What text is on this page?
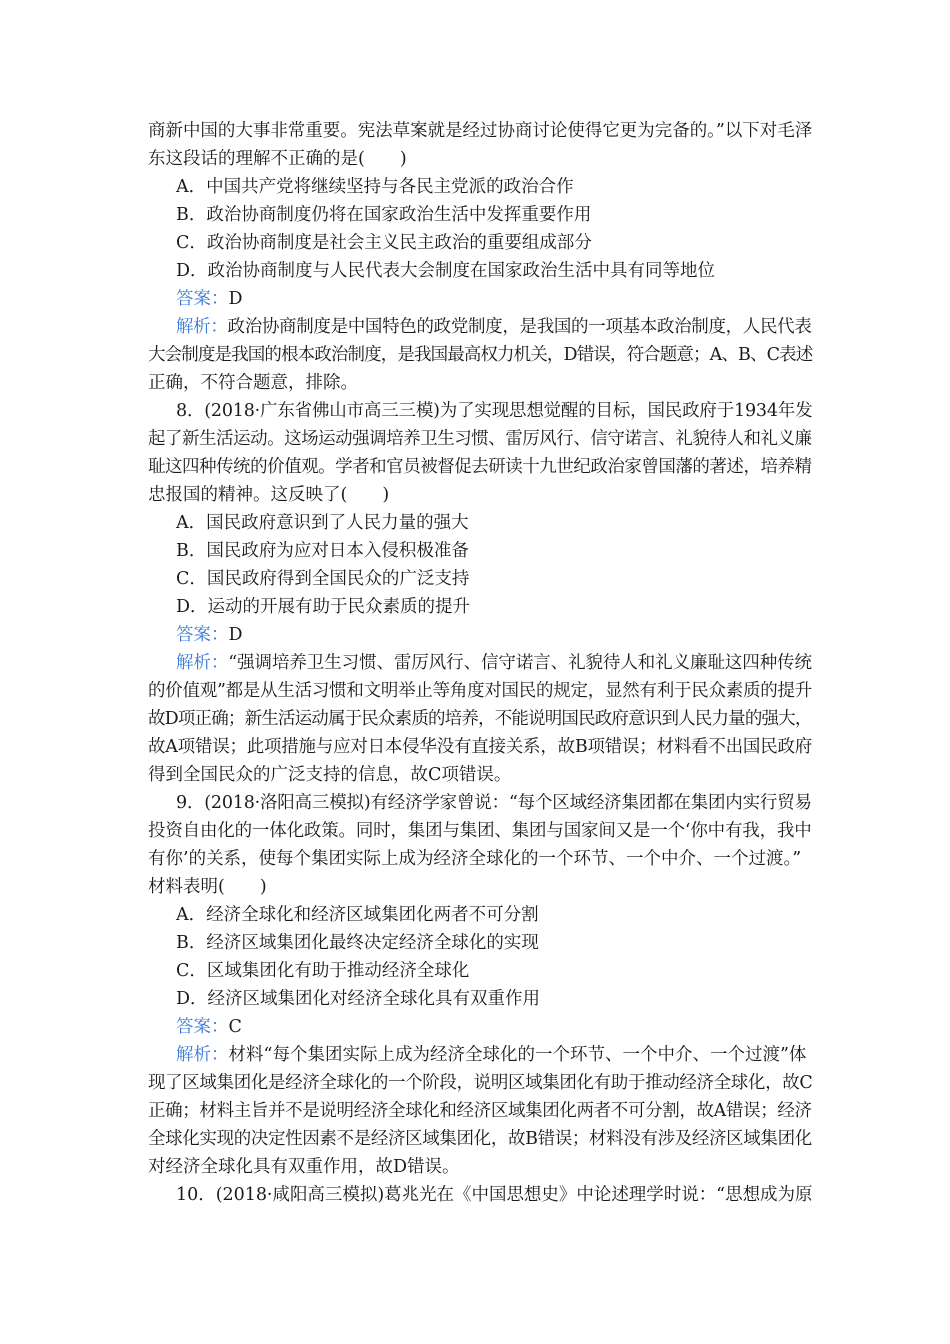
商新中国的大事非常重要。宪法草案就是经过协商讨论使得它更为完备的。”以下对毛泽
东这段话的理解不正确的是(　　)
A．中国共产党将继续坚持与各民主党派的政治合作
B．政治协商制度仍将在国家政治生活中发挥重要作用
C．政治协商制度是社会主义民主政治的重要组成部分
D．政治协商制度与人民代表大会制度在国家政治生活中具有同等地位
答案：D
解析：政治协商制度是中国特色的政党制度，是我国的一项基本政治制度，人民代表
大会制度是我国的根本政治制度，是我国最高权力机关，D错误，符合题意；A、B、C表述
正确，不符合题意，排除。
8．(2018·广东省佛山市高三三模)为了实现思想觉醒的目标，国民政府于1934年发
起了新生活运动。这场运动强调培养卫生习惯、雷厉风行、信守诺言、礼貌待人和礼义廉
耻这四种传统的价值观。学者和官员被督促去研读十九世纪政治家曾国藩的著述，培养精
忠报国的精神。这反映了(　　)
A．国民政府意识到了人民力量的强大
B．国民政府为应对日本入侵积极准备
C．国民政府得到全国民众的广泛支持
D．运动的开展有助于民众素质的提升
答案：D
解析：“强调培养卫生习惯、雷厉风行、信守诺言、礼貌待人和礼义廉耻这四种传统
的价值观”都是从生活习惯和文明举止等角度对国民的规定，显然有利于民众素质的提升
故D项正确；新生活运动属于民众素质的培养，不能说明国民政府意识到人民力量的强大，
故A项错误；此项措施与应对日本侵华没有直接关系，故B项错误；材料看不出国民政府
得到全国民众的广泛支持的信息，故C项错误。
9．(2018·洛阳高三模拟)有经济学家曾说：“每个区域经济集团都在集团内实行贸易
投资自由化的一体化政策。同时，集团与集团、集团与国家间又是一个‘你中有我，我中
有你’的关系，使每个集团实际上成为经济全球化的一个环节、一个中介、一个过渡。”
材料表明(　　)
A．经济全球化和经济区域集团化两者不可分割
B．经济区域集团化最终决定经济全球化的实现
C．区域集团化有助于推动经济全球化
D．经济区域集团化对经济全球化具有双重作用
答案：C
解析：材料“每个集团实际上成为经济全球化的一个环节、一个中介、一个过渡”体
现了区域集团化是经济全球化的一个阶段，说明区域集团化有助于推动经济全球化，故C
正确；材料主旨并不是说明经济全球化和经济区域集团化两者不可分割，故A错误；经济
全球化实现的决定性因素不是经济区域集团化，故B错误；材料没有涉及经济区域集团化
对经济全球化具有双重作用，故D错误。
10．(2018·咸阳高三模拟)葛兆光在《中国思想史》中论述理学时说：“思想成为原
